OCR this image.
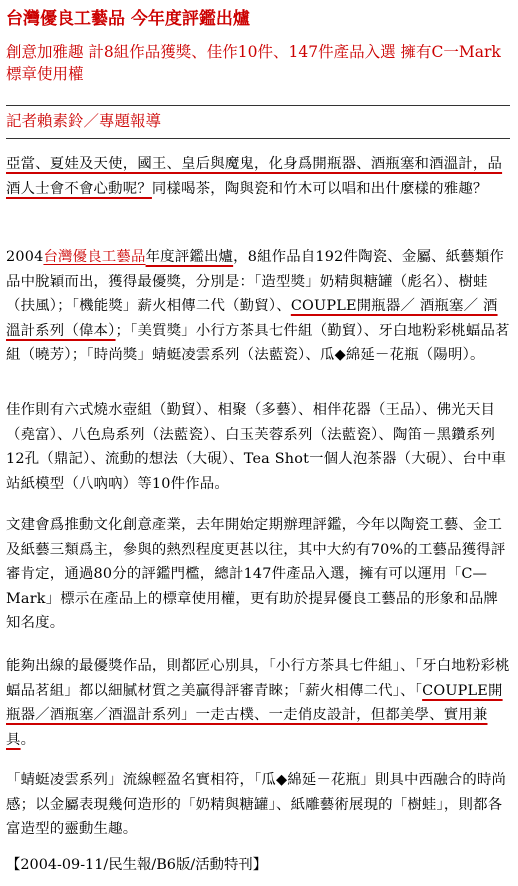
台灣優良工藝品 今年度評鑑出爐
創意加雅趣 計8組作品獲獎、佳作10件、147件產品入選 擁有C一Mark標章使用權
記者賴素鈴／專題報導
亞當、夏娃及天使，國王、皇后與魔鬼，化身爲開瓶器、酒瓶塞和酒溫計，品酒人士會不會心動呢？同樣喝茶，陶與瓷和竹木可以唱和出什麼樣的雅趣？
2004台灣優良工藝品年度評鑑出爐，8組作品自192件陶瓷、金屬、紙藝類作品中脫穎而出，獲得最優獎，分別是：「造型獎」奶精與糖罐（彪名）、樹蛙（扶風）；「機能獎」薪火相傳二代（勤貿）、COUPLE開瓶器／ 酒瓶塞／ 酒溫計系列（偉本）；「美質獎」小行方茶具七件組（勤貿）、牙白地粉彩桃蝠品茗組（曉芳）；「時尚獎」蜻蜓凌雲系列（法藍瓷）、瓜◆綿延－花瓶（陽明）。
佳作則有六式燒水壺組（勤貿）、相聚（多藝）、相伴花器（王品）、佛光天目（堯富）、八色鳥系列（法藍瓷）、白玉芙蓉系列（法藍瓷）、陶笛－黑鑽系列12孔（鼎記）、流動的想法（大硯）、Tea Shot一個人泡茶器（大硯）、台中車站紙模型（八吶吶）等10件作品。
文建會爲推動文化創意產業，去年開始定期辦理評鑑，今年以陶瓷工藝、金工及紙藝三類爲主，參與的熱烈程度更甚以往，其中大約有70%的工藝品獲得評審肯定，通過80分的評鑑門檻，總計147件產品入選，擁有可以運用「C—Mark」標示在產品上的標章使用權，更有助於提昇優良工藝品的形象和品牌知名度。
能夠出線的最優獎作品，則都匠心別具，「小行方茶具七件組」、「牙白地粉彩桃蝠品茗組」都以細膩材質之美贏得評審青睞；「薪火相傳二代」、「COUPLE開瓶器／酒瓶塞／酒溫計系列」一走古樸、一走俏皮設計，但都美學、實用兼具。
「蜻蜓凌雲系列」流線輕盈名實相符，「瓜◆綿延－花瓶」則具中西融合的時尚感；以金屬表現幾何造形的「奶精與糖罐」、紙雕藝術展現的「樹蛙」，則都各富造型的靈動生趣。
【2004-09-11/民生報/B6版/活動特刊】
